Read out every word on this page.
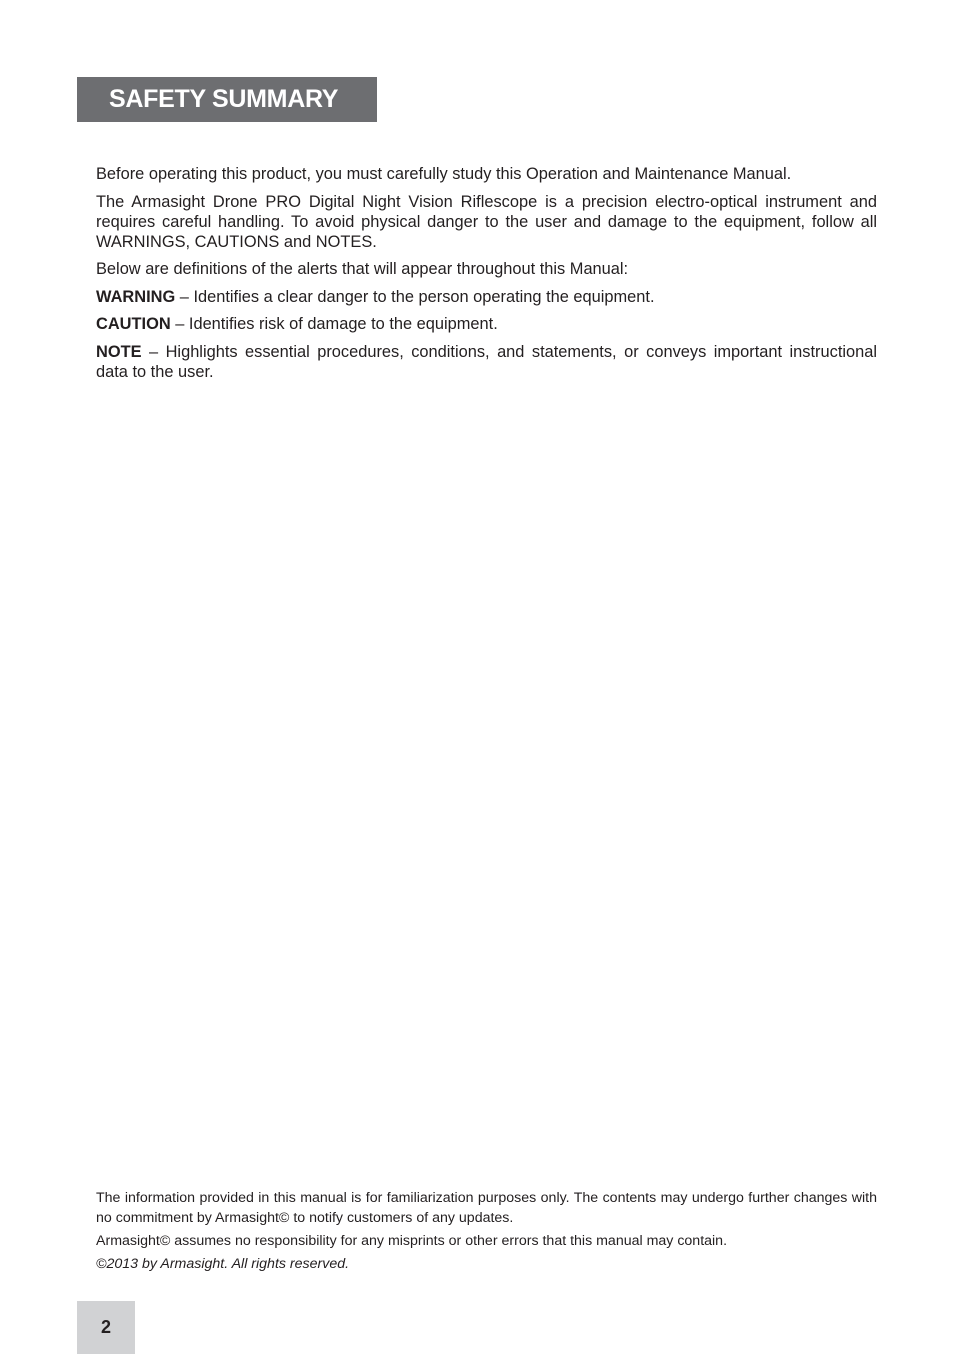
SAFETY SUMMARY

Before operating this product, you must carefully study this Operation and Maintenance Manual.

The Armasight Drone PRO Digital Night Vision Riflescope is a precision electro-optical instrument and requires careful handling. To avoid physical danger to the user and damage to the equipment, follow all WARNINGS, CAUTIONS and NOTES.

Below are definitions of the alerts that will appear throughout this Manual:

WARNING – Identifies a clear danger to the person operating the equipment.

CAUTION – Identifies risk of damage to the equipment.

NOTE – Highlights essential procedures, conditions, and statements, or conveys important instructional data to the user.

The information provided in this manual is for familiarization purposes only. The contents may undergo further changes with no commitment by Armasight© to notify customers of any updates.

Armasight© assumes no responsibility for any misprints or other errors that this manual may contain.

©2013 by Armasight. All rights reserved.

2
